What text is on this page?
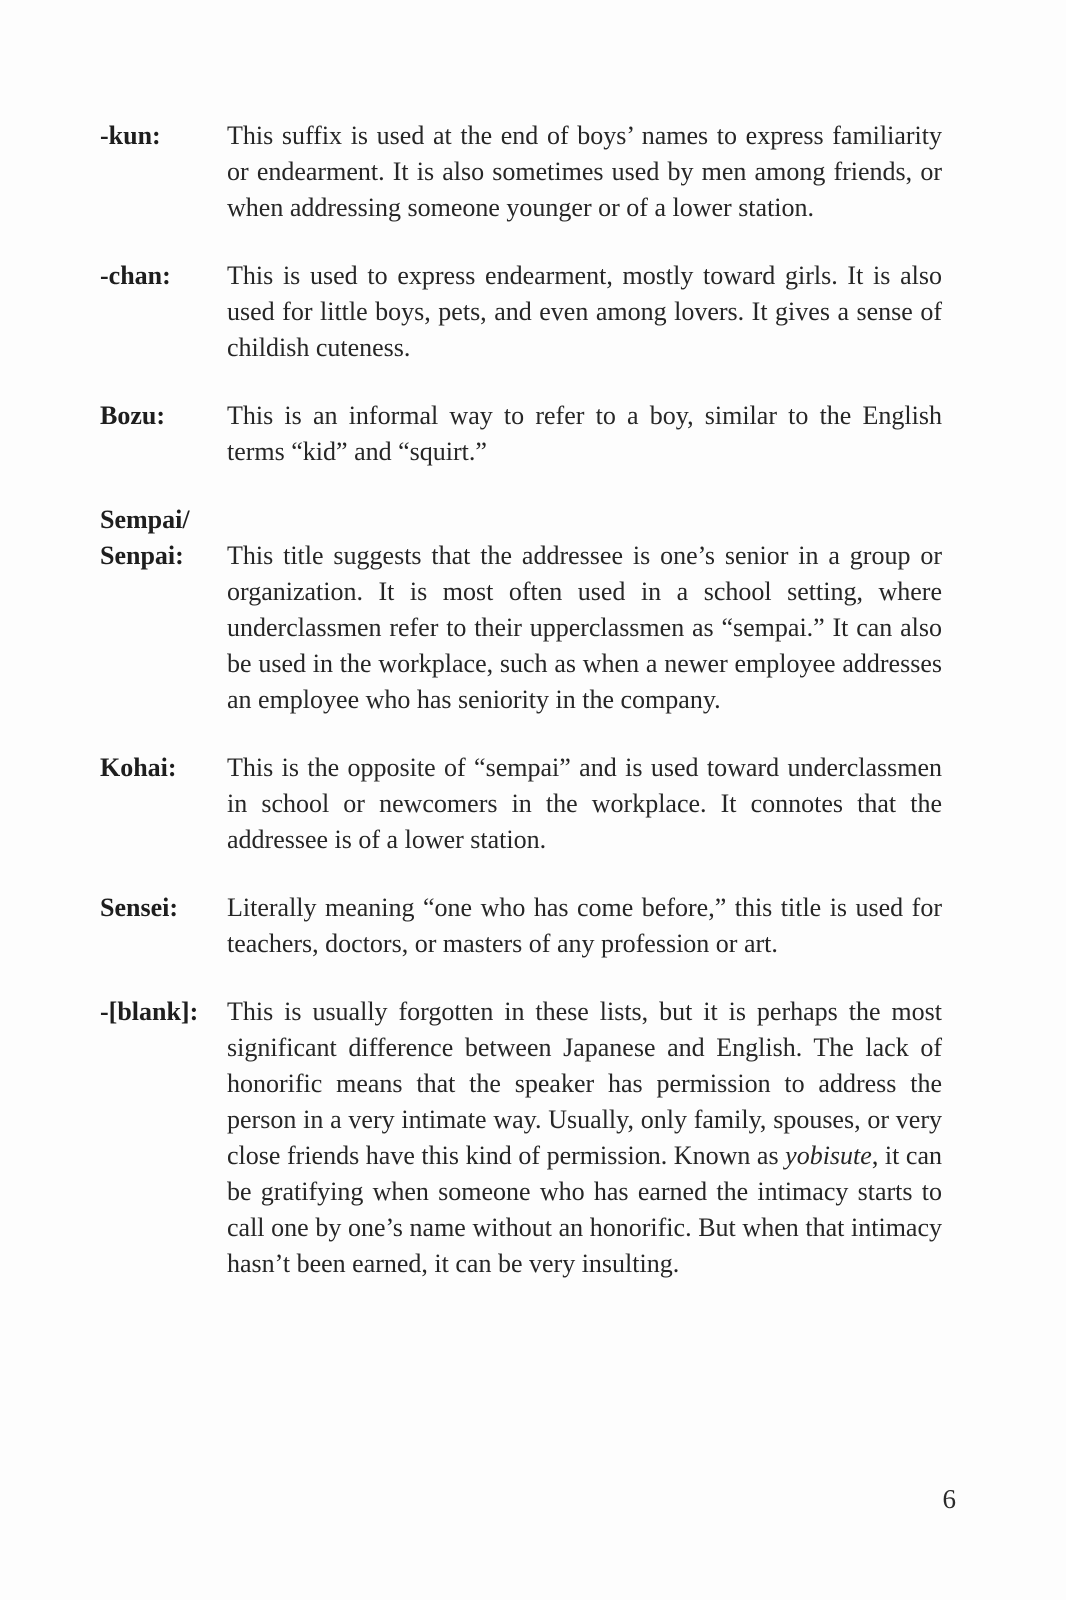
-kun:	This suffix is used at the end of boys’ names to express familiarity or endearment. It is also sometimes used by men among friends, or when addressing someone younger or of a lower station.
-chan:	This is used to express endearment, mostly toward girls. It is also used for little boys, pets, and even among lovers. It gives a sense of childish cuteness.
Bozu:	This is an informal way to refer to a boy, similar to the English terms “kid” and “squirt.”
Sempai/
Senpai:	This title suggests that the addressee is one’s senior in a group or organization. It is most often used in a school setting, where underclassmen refer to their upperclassmen as “sempai.” It can also be used in the workplace, such as when a newer employee addresses an employee who has seniority in the company.
Kohai:	This is the opposite of “sempai” and is used toward underclassmen in school or newcomers in the workplace. It connotes that the addressee is of a lower station.
Sensei:	Literally meaning “one who has come before,” this title is used for teachers, doctors, or masters of any profession or art.
-[blank]:	This is usually forgotten in these lists, but it is perhaps the most significant difference between Japanese and English. The lack of honorific means that the speaker has permission to address the person in a very intimate way. Usually, only family, spouses, or very close friends have this kind of permission. Known as yobisute, it can be gratifying when someone who has earned the intimacy starts to call one by one’s name without an honorific. But when that intimacy hasn’t been earned, it can be very insulting.
6
